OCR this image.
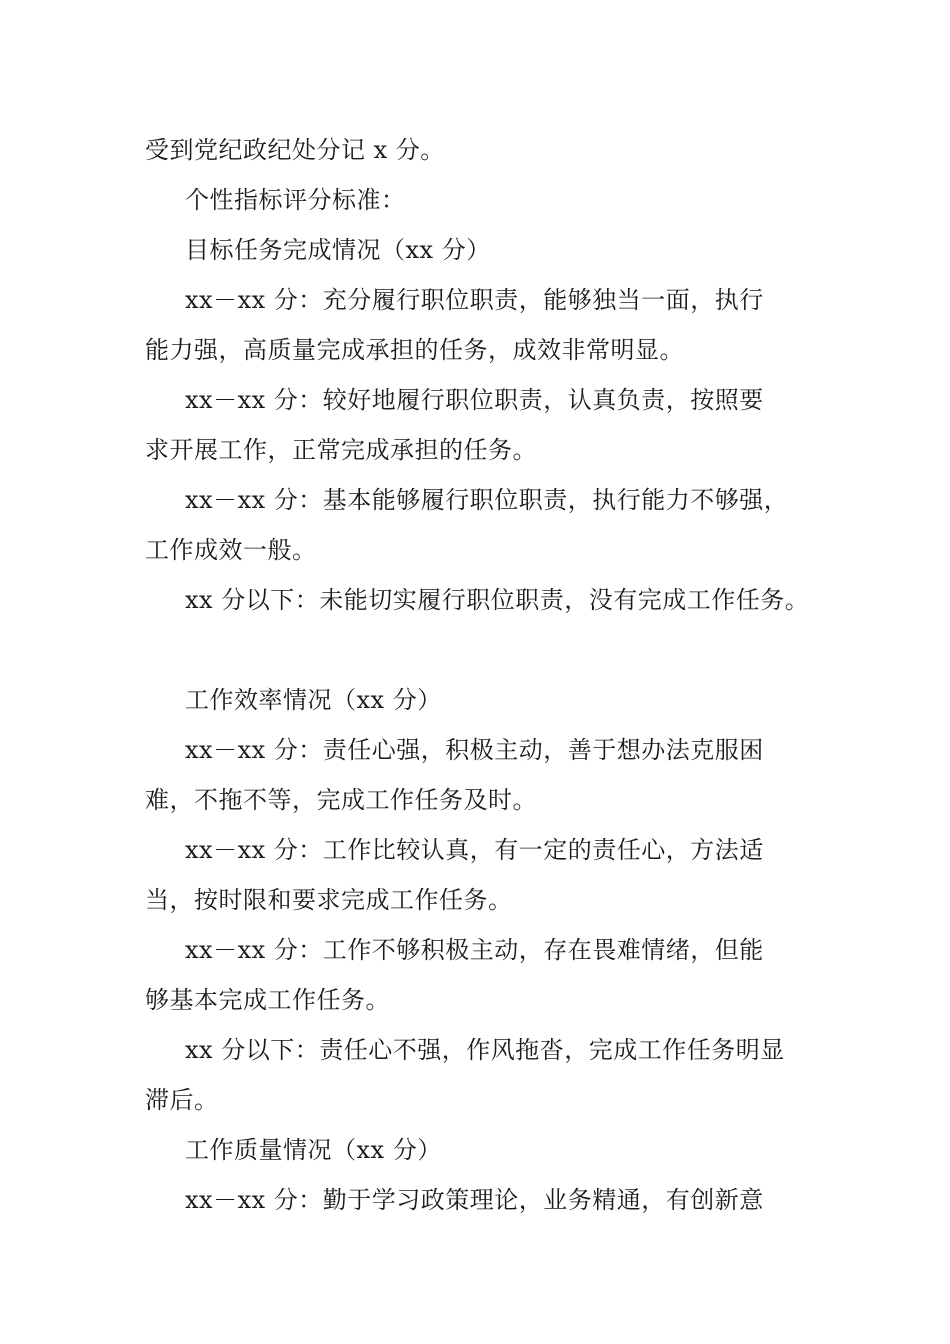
受到党纪政纪处分记 x 分。
个性指标评分标准：
目标任务完成情况（xx 分）
xx－xx 分：充分履行职位职责，能够独当一面，执行
能力强，高质量完成承担的任务，成效非常明显。
xx－xx 分：较好地履行职位职责，认真负责，按照要
求开展工作，正常完成承担的任务。
xx－xx 分：基本能够履行职位职责，执行能力不够强，
工作成效一般。
xx 分以下：未能切实履行职位职责，没有完成工作任务。
工作效率情况（xx 分）
xx－xx 分：责任心强，积极主动，善于想办法克服困
难，不拖不等，完成工作任务及时。
xx－xx 分：工作比较认真，有一定的责任心，方法适
当，按时限和要求完成工作任务。
xx－xx 分：工作不够积极主动，存在畏难情绪，但能
够基本完成工作任务。
xx 分以下：责任心不强，作风拖沓，完成工作任务明显
滞后。
工作质量情况（xx 分）
xx－xx 分：勤于学习政策理论，业务精通，有创新意
